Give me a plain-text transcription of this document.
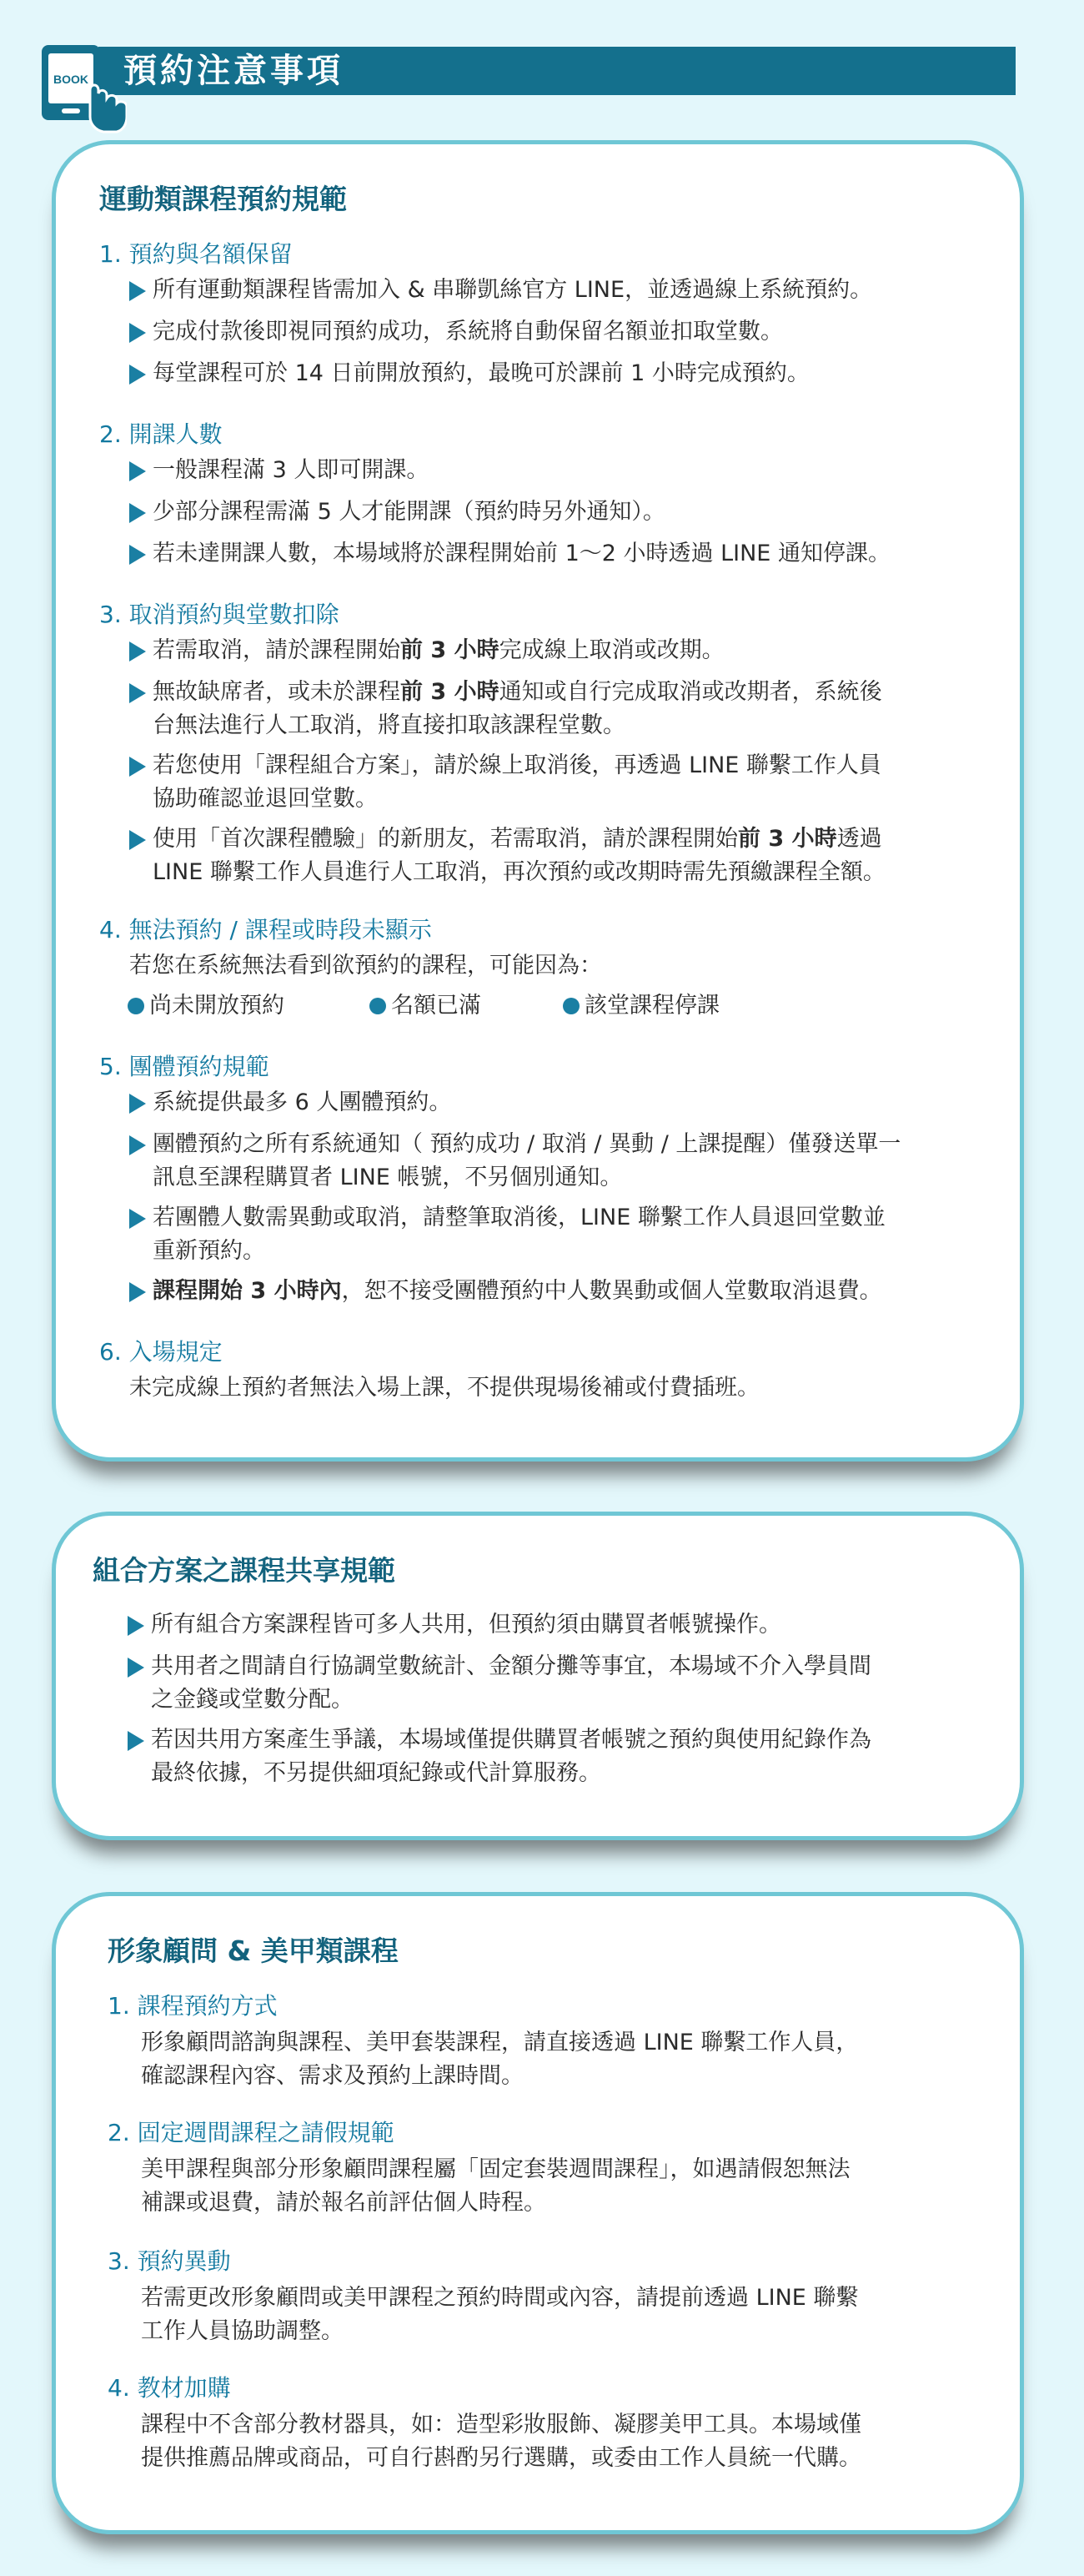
預約注意事項
BOOK
運動類課程預約規範
1. 預約與名額保留
所有運動類課程皆需加入 & 串聯凱絲官方 LINE，並透過線上系統預約。
完成付款後即視同預約成功，系統將自動保留名額並扣取堂數。
每堂課程可於 14 日前開放預約，最晚可於課前 1 小時完成預約。
2. 開課人數
一般課程滿 3 人即可開課。
少部分課程需滿 5 人才能開課（預約時另外通知）。
若未達開課人數，本場域將於課程開始前 1～2 小時透過 LINE 通知停課。
3. 取消預約與堂數扣除
若需取消，請於課程開始前 3 小時完成線上取消或改期。
無故缺席者，或未於課程前 3 小時通知或自行完成取消或改期者，系統後
台無法進行人工取消，將直接扣取該課程堂數。
若您使用「課程組合方案」，請於線上取消後，再透過 LINE 聯繫工作人員
協助確認並退回堂數。
使用「首次課程體驗」的新朋友，若需取消，請於課程開始前 3 小時透過
LINE 聯繫工作人員進行人工取消，再次預約或改期時需先預繳課程全額。
4. 無法預約 / 課程或時段未顯示
若您在系統無法看到欲預約的課程，可能因為：
尚未開放預約	名額已滿	該堂課程停課
5. 團體預約規範
系統提供最多 6 人團體預約。
團體預約之所有系統通知（ 預約成功 / 取消 / 異動 / 上課提醒）僅發送單一
訊息至課程購買者 LINE 帳號，不另個別通知。
若團體人數需異動或取消，請整筆取消後，LINE 聯繫工作人員退回堂數並
重新預約。
課程開始 3 小時內，恕不接受團體預約中人數異動或個人堂數取消退費。
6. 入場規定
未完成線上預約者無法入場上課，不提供現場後補或付費插班。
組合方案之課程共享規範
所有組合方案課程皆可多人共用，但預約須由購買者帳號操作。
共用者之間請自行協調堂數統計、金額分攤等事宜，本場域不介入學員間
之金錢或堂數分配。
若因共用方案產生爭議，本場域僅提供購買者帳號之預約與使用紀錄作為
最終依據，不另提供細項紀錄或代計算服務。
形象顧問 & 美甲類課程
1. 課程預約方式
形象顧問諮詢與課程、美甲套裝課程，請直接透過 LINE 聯繫工作人員，
確認課程內容、需求及預約上課時間。
2. 固定週間課程之請假規範
美甲課程與部分形象顧問課程屬「固定套裝週間課程」，如遇請假恕無法
補課或退費，請於報名前評估個人時程。
3. 預約異動
若需更改形象顧問或美甲課程之預約時間或內容，請提前透過 LINE 聯繫
工作人員協助調整。
4. 教材加購
課程中不含部分教材器具，如：造型彩妝服飾、凝膠美甲工具。本場域僅
提供推薦品牌或商品，可自行斟酌另行選購，或委由工作人員統一代購。
